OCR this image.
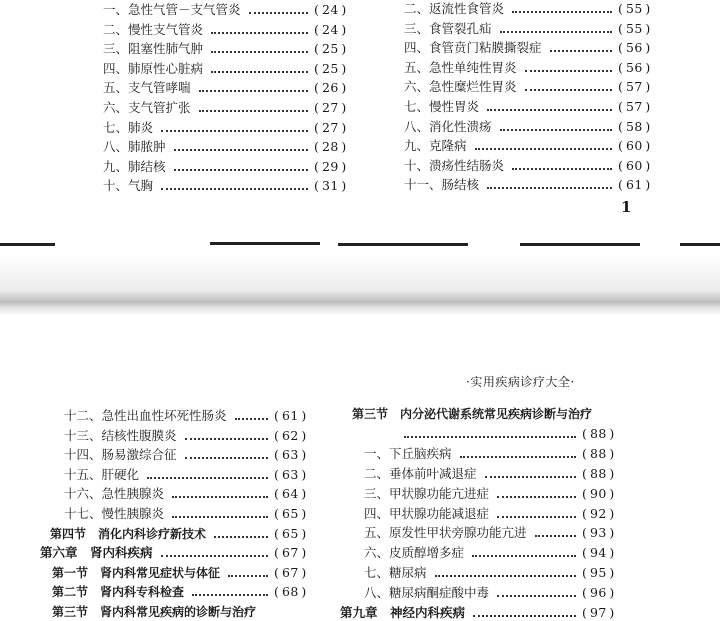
一、急性气管－支气管炎	( 24 )
二、慢性支气管炎	( 24 )
三、阻塞性肺气肿	( 25 )
四、肺原性心脏病	( 25 )
五、支气管哮喘	( 26 )
六、支气管扩张	( 27 )
七、肺炎	( 27 )
八、肺脓肿	( 28 )
九、肺结核	( 29 )
十、气胸	( 31 )
二、返流性食管炎	( 55 )
三、食管裂孔疝	( 55 )
四、食管贲门粘膜撕裂症	( 56 )
五、急性单纯性胃炎	( 56 )
六、急性糜烂性胃炎	( 57 )
七、慢性胃炎	( 57 )
八、消化性溃疡	( 58 )
九、克隆病	( 60 )
十、溃疡性结肠炎	( 60 )
十一、肠结核	( 61 )
1
·实用疾病诊疗大全·
十二、急性出血性坏死性肠炎	( 61 )
十三、结核性腹膜炎	( 62 )
十四、肠易激综合征	( 63 )
十五、肝硬化	( 63 )
十六、急性胰腺炎	( 64 )
十七、慢性胰腺炎	( 65 )
第四节　消化内科诊疗新技术	( 65 )
第六章　肾内科疾病	( 67 )
第一节　肾内科常见症状与体征	( 67 )
第二节　肾内科专科检查	( 68 )
第三节　肾内科常见疾病的诊断与治疗
第三节　内分泌代谢系统常见疾病诊断与治疗
( 88 )
一、下丘脑疾病	( 88 )
二、垂体前叶减退症	( 88 )
三、甲状腺功能亢进症	( 90 )
四、甲状腺功能减退症	( 92 )
五、原发性甲状旁腺功能亢进	( 93 )
六、皮质醇增多症	( 94 )
七、糖尿病	( 95 )
八、糖尿病酮症酸中毒	( 96 )
第九章　神经内科疾病	( 97 )
